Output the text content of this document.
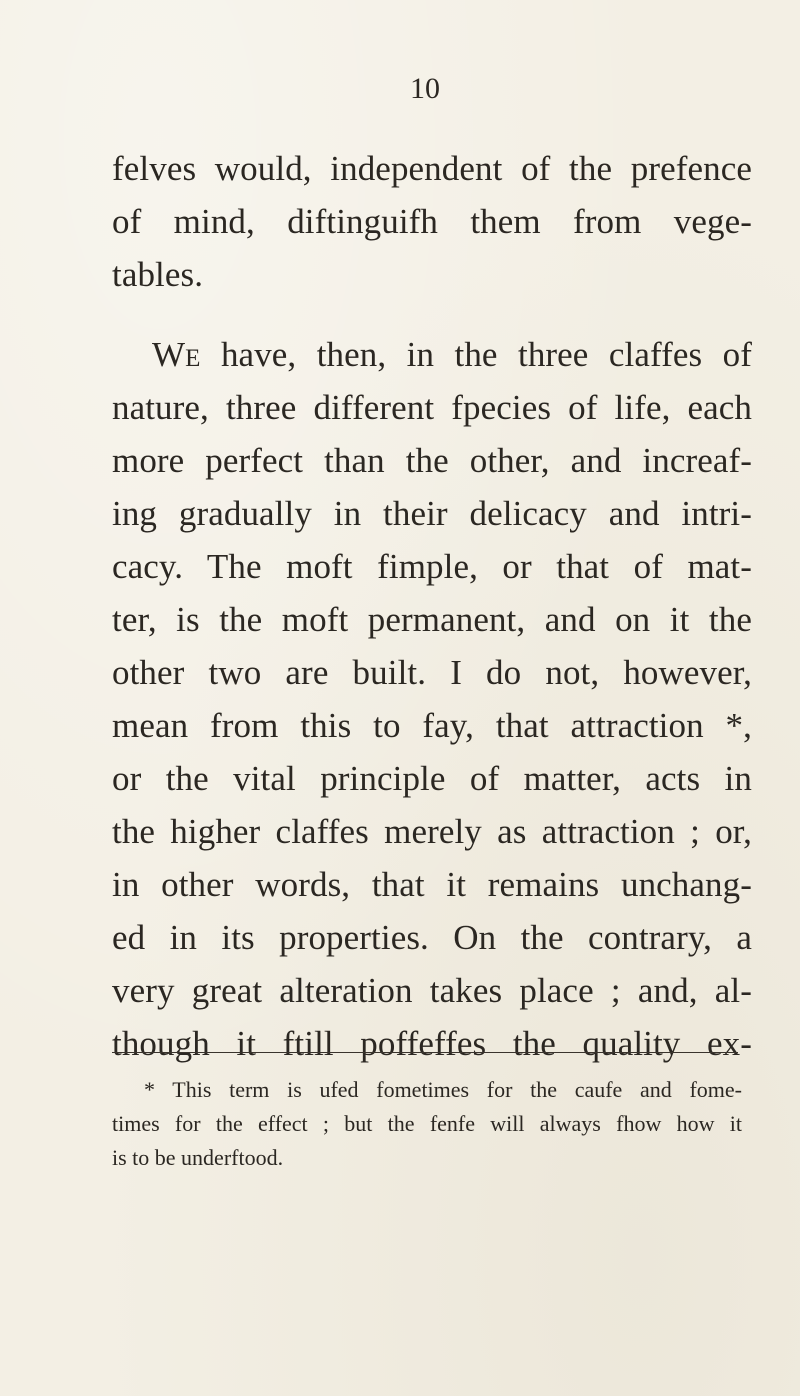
10
felves would, independent of the prefence
of mind, diftinguifh them from vege-
tables.
We have, then, in the three claffes of
nature, three different fpecies of life, each
more perfect than the other, and increaf-
ing gradually in their delicacy and intri-
cacy. The moft fimple, or that of mat-
ter, is the moft permanent, and on it the
other two are built. I do not, however,
mean from this to fay, that attraction *,
or the vital principle of matter, acts in
the higher claffes merely as attraction ; or,
in other words, that it remains unchang-
ed in its properties. On the contrary, a
very great alteration takes place ; and, al-
though it ftill poffeffes the quality ex-
* This term is ufed fometimes for the caufe and fome-
times for the effect ; but the fenfe will always fhow how it
is to be underftood.
